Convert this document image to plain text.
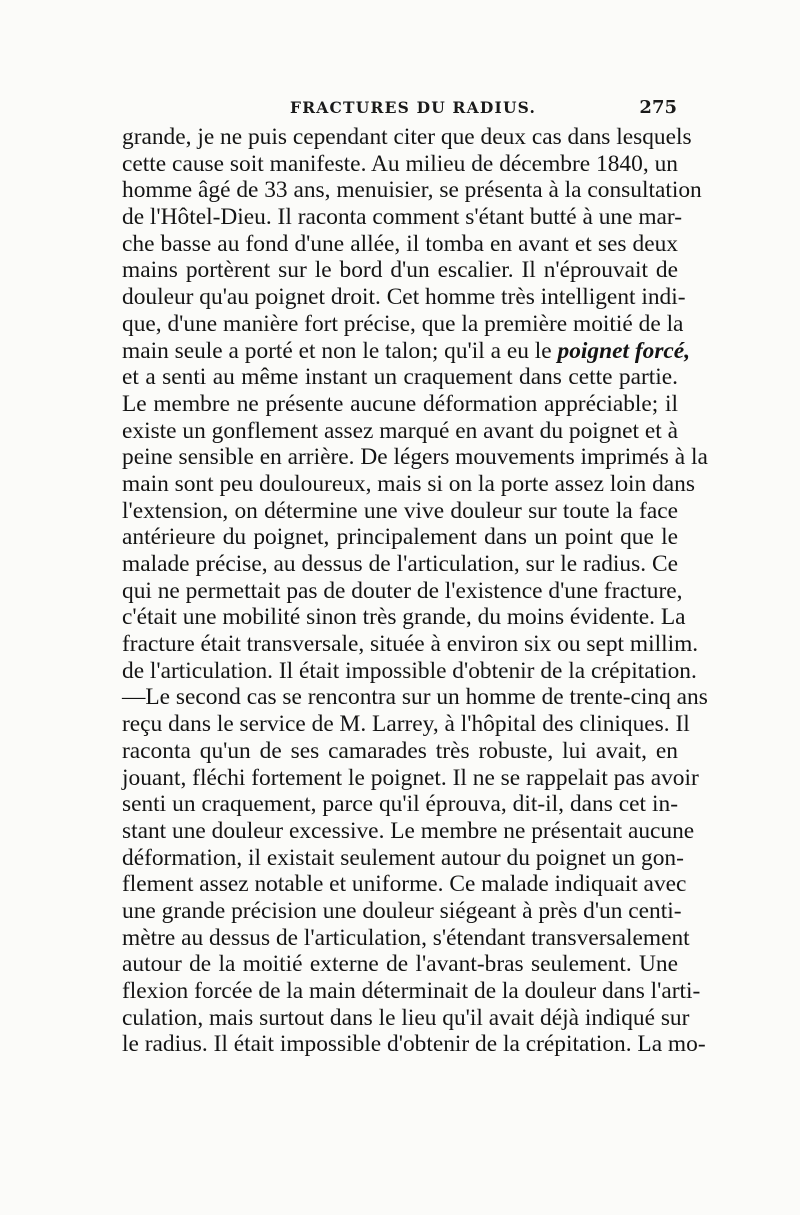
FRACTURES DU RADIUS.	275
grande, je ne puis cependant citer que deux cas dans lesquels
cette cause soit manifeste. Au milieu de décembre 1840, un
homme âgé de 33 ans, menuisier, se présenta à la consultation
de l'Hôtel-Dieu. Il raconta comment s'étant butté à une mar-
che basse au fond d'une allée, il tomba en avant et ses deux
mains portèrent sur le bord d'un escalier. Il n'éprouvait de
douleur qu'au poignet droit. Cet homme très intelligent indi-
que, d'une manière fort précise, que la première moitié de la
main seule a porté et non le talon; qu'il a eu le poignet forcé,
et a senti au même instant un craquement dans cette partie.
Le membre ne présente aucune déformation appréciable; il
existe un gonflement assez marqué en avant du poignet et à
peine sensible en arrière. De légers mouvements imprimés à la
main sont peu douloureux, mais si on la porte assez loin dans
l'extension, on détermine une vive douleur sur toute la face
antérieure du poignet, principalement dans un point que le
malade précise, au dessus de l'articulation, sur le radius. Ce
qui ne permettait pas de douter de l'existence d'une fracture,
c'était une mobilité sinon très grande, du moins évidente. La
fracture était transversale, située à environ six ou sept millim.
de l'articulation. Il était impossible d'obtenir de la crépitation.
—Le second cas se rencontra sur un homme de trente-cinq ans
reçu dans le service de M. Larrey, à l'hôpital des cliniques. Il
raconta qu'un de ses camarades très robuste, lui avait, en
jouant, fléchi fortement le poignet. Il ne se rappelait pas avoir
senti un craquement, parce qu'il éprouva, dit-il, dans cet in-
stant une douleur excessive. Le membre ne présentait aucune
déformation, il existait seulement autour du poignet un gon-
flement assez notable et uniforme. Ce malade indiquait avec
une grande précision une douleur siégeant à près d'un centi-
mètre au dessus de l'articulation, s'étendant transversalement
autour de la moitié externe de l'avant-bras seulement. Une
flexion forcée de la main déterminait de la douleur dans l'arti-
culation, mais surtout dans le lieu qu'il avait déjà indiqué sur
le radius. Il était impossible d'obtenir de la crépitation. La mo-
